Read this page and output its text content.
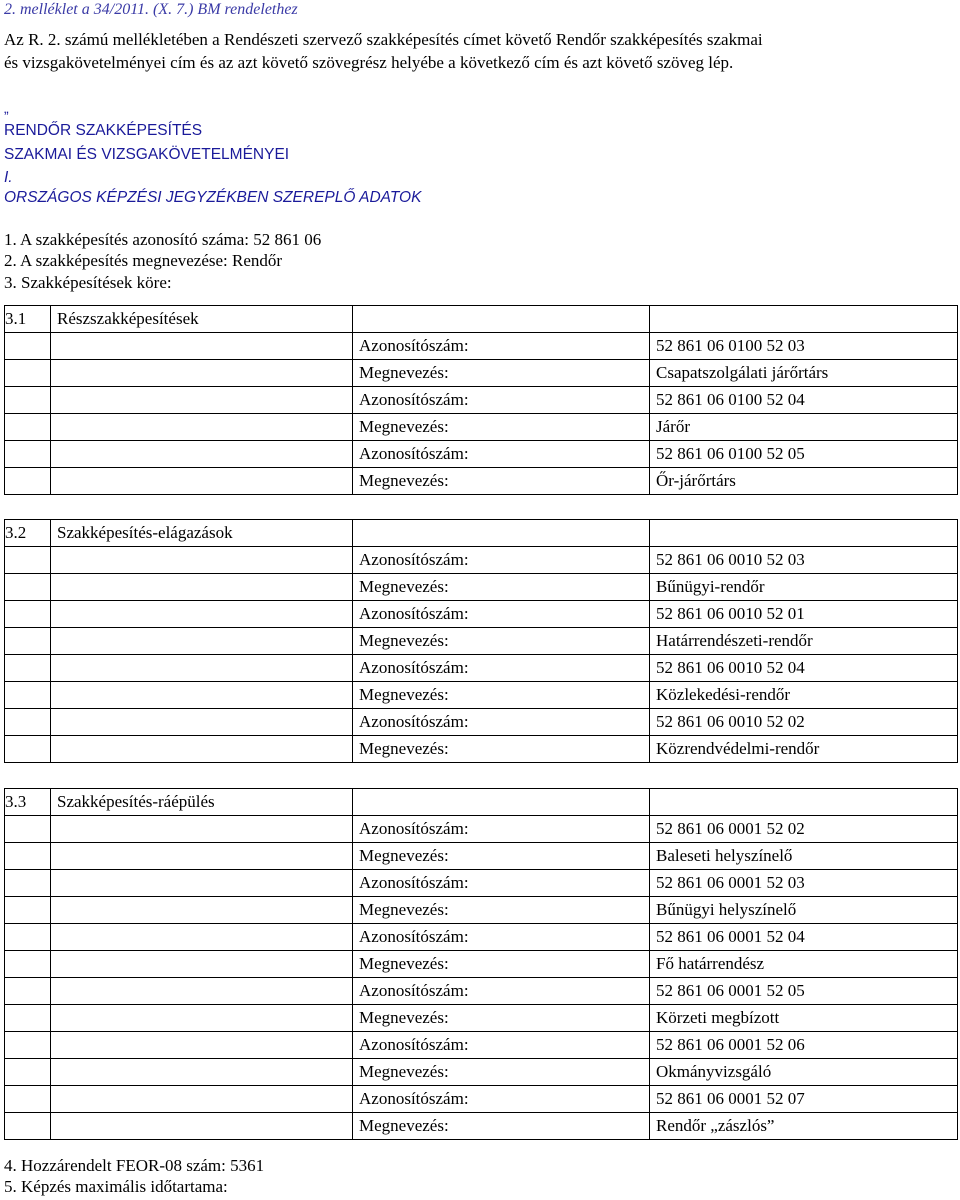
2. melléklet a 34/2011. (X. 7.) BM rendelethez
Az R. 2. számú mellékletében a Rendészeti szervező szakképesítés címet követő Rendőr szakképesítés szakmai
és vizsgakövetelményei cím és az azt követő szövegrész helyébe a következő cím és azt követő szöveg lép.
„
RENDŐR SZAKKÉPESÍTÉS
SZAKMAI ÉS VIZSGAKÖVETELMÉNYEI
I.
ORSZÁGOS KÉPZÉSI JEGYZÉKBEN SZEREPLŐ ADATOK
1. A szakképesítés azonosító száma: 52 861 06
2. A szakképesítés megnevezése: Rendőr
3. Szakképesítések köre:
3.1	Részszakképesítések		
		Azonosítószám:	52 861 06 0100 52 03
		Megnevezés:	Csapatszolgálati járőrtárs
		Azonosítószám:	52 861 06 0100 52 04
		Megnevezés:	Járőr
		Azonosítószám:	52 861 06 0100 52 05
		Megnevezés:	Őr-járőrtárs
3.2	Szakképesítés-elágazások		
		Azonosítószám:	52 861 06 0010 52 03
		Megnevezés:	Bűnügyi-rendőr
		Azonosítószám:	52 861 06 0010 52 01
		Megnevezés:	Határrendészeti-rendőr
		Azonosítószám:	52 861 06 0010 52 04
		Megnevezés:	Közlekedési-rendőr
		Azonosítószám:	52 861 06 0010 52 02
		Megnevezés:	Közrendvédelmi-rendőr
3.3	Szakképesítés-ráépülés		
		Azonosítószám:	52 861 06 0001 52 02
		Megnevezés:	Baleseti helyszínelő
		Azonosítószám:	52 861 06 0001 52 03
		Megnevezés:	Bűnügyi helyszínelő
		Azonosítószám:	52 861 06 0001 52 04
		Megnevezés:	Fő határrendész
		Azonosítószám:	52 861 06 0001 52 05
		Megnevezés:	Körzeti megbízott
		Azonosítószám:	52 861 06 0001 52 06
		Megnevezés:	Okmányvizsgáló
		Azonosítószám:	52 861 06 0001 52 07
		Megnevezés:	Rendőr „zászlós”
4. Hozzárendelt FEOR-08 szám: 5361
5. Képzés maximális időtartama:
